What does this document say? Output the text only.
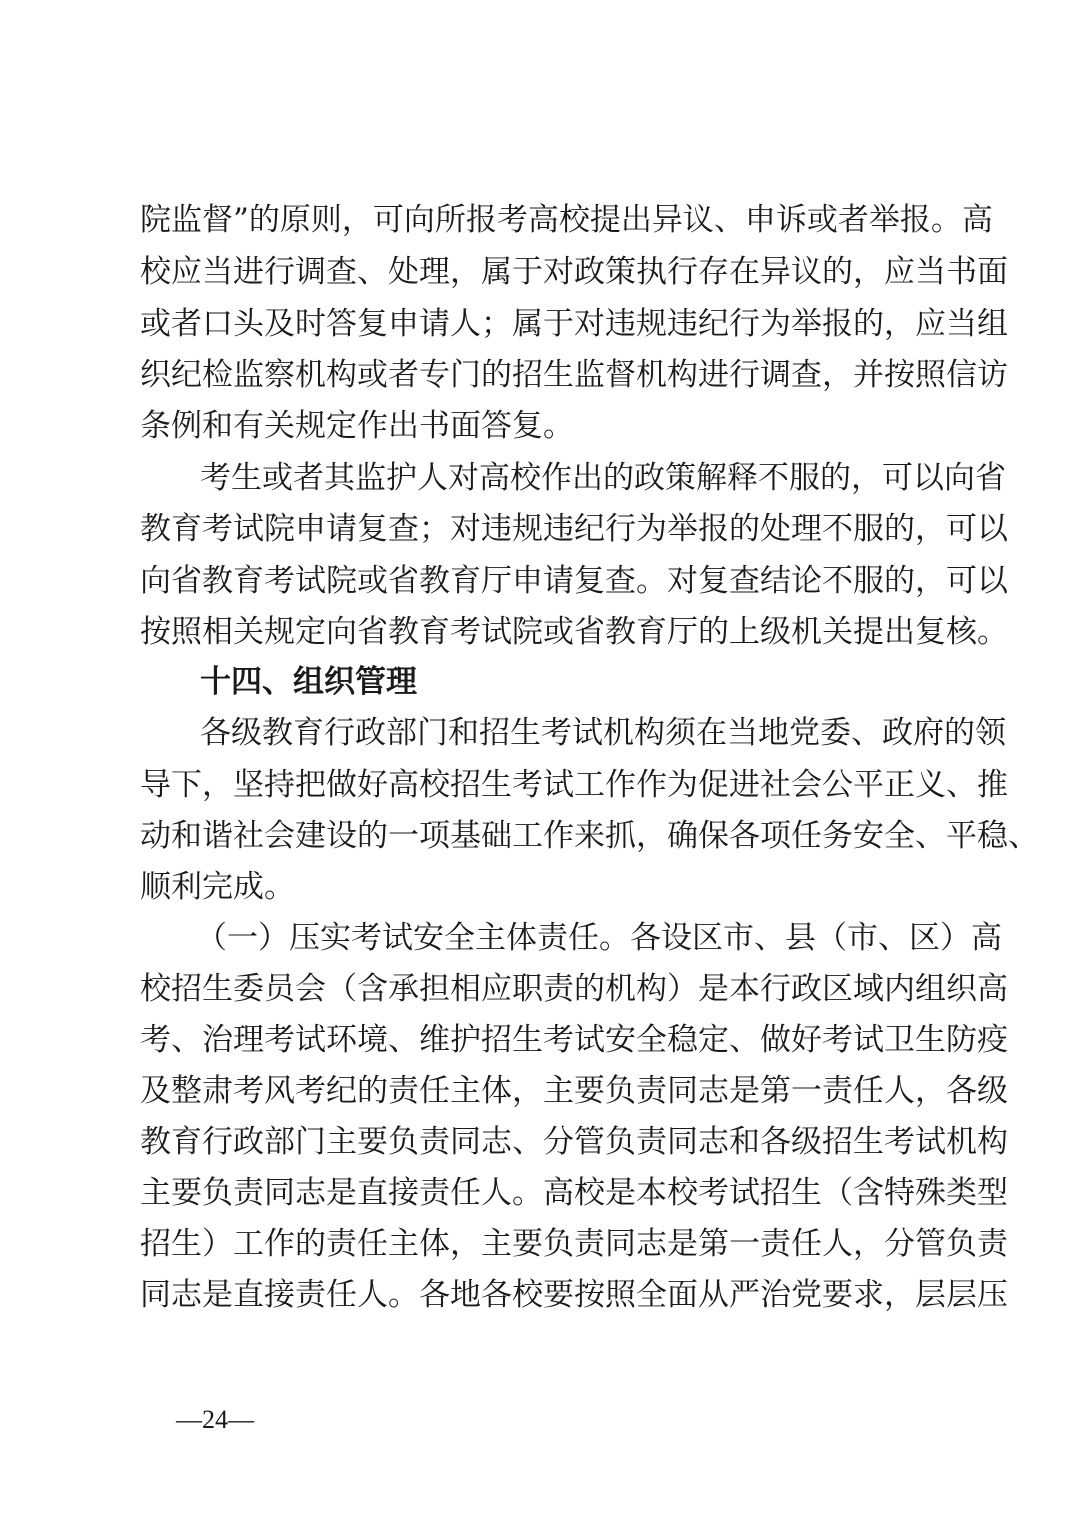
院监督”的原则，可向所报考高校提出异议、申诉或者举报。高
校应当进行调查、处理，属于对政策执行存在异议的，应当书面
或者口头及时答复申请人；属于对违规违纪行为举报的，应当组
织纪检监察机构或者专门的招生监督机构进行调查，并按照信访
条例和有关规定作出书面答复。
考生或者其监护人对高校作出的政策解释不服的，可以向省
教育考试院申请复查；对违规违纪行为举报的处理不服的，可以
向省教育考试院或省教育厅申请复查。对复查结论不服的，可以
按照相关规定向省教育考试院或省教育厅的上级机关提出复核。
十四、组织管理
各级教育行政部门和招生考试机构须在当地党委、政府的领
导下，坚持把做好高校招生考试工作作为促进社会公平正义、推
动和谐社会建设的一项基础工作来抓，确保各项任务安全、平稳、
顺利完成。
（一）压实考试安全主体责任。各设区市、县（市、区）高
校招生委员会（含承担相应职责的机构）是本行政区域内组织高
考、治理考试环境、维护招生考试安全稳定、做好考试卫生防疫
及整肃考风考纪的责任主体，主要负责同志是第一责任人，各级
教育行政部门主要负责同志、分管负责同志和各级招生考试机构
主要负责同志是直接责任人。高校是本校考试招生（含特殊类型
招生）工作的责任主体，主要负责同志是第一责任人，分管负责
同志是直接责任人。各地各校要按照全面从严治党要求，层层压
—24—
